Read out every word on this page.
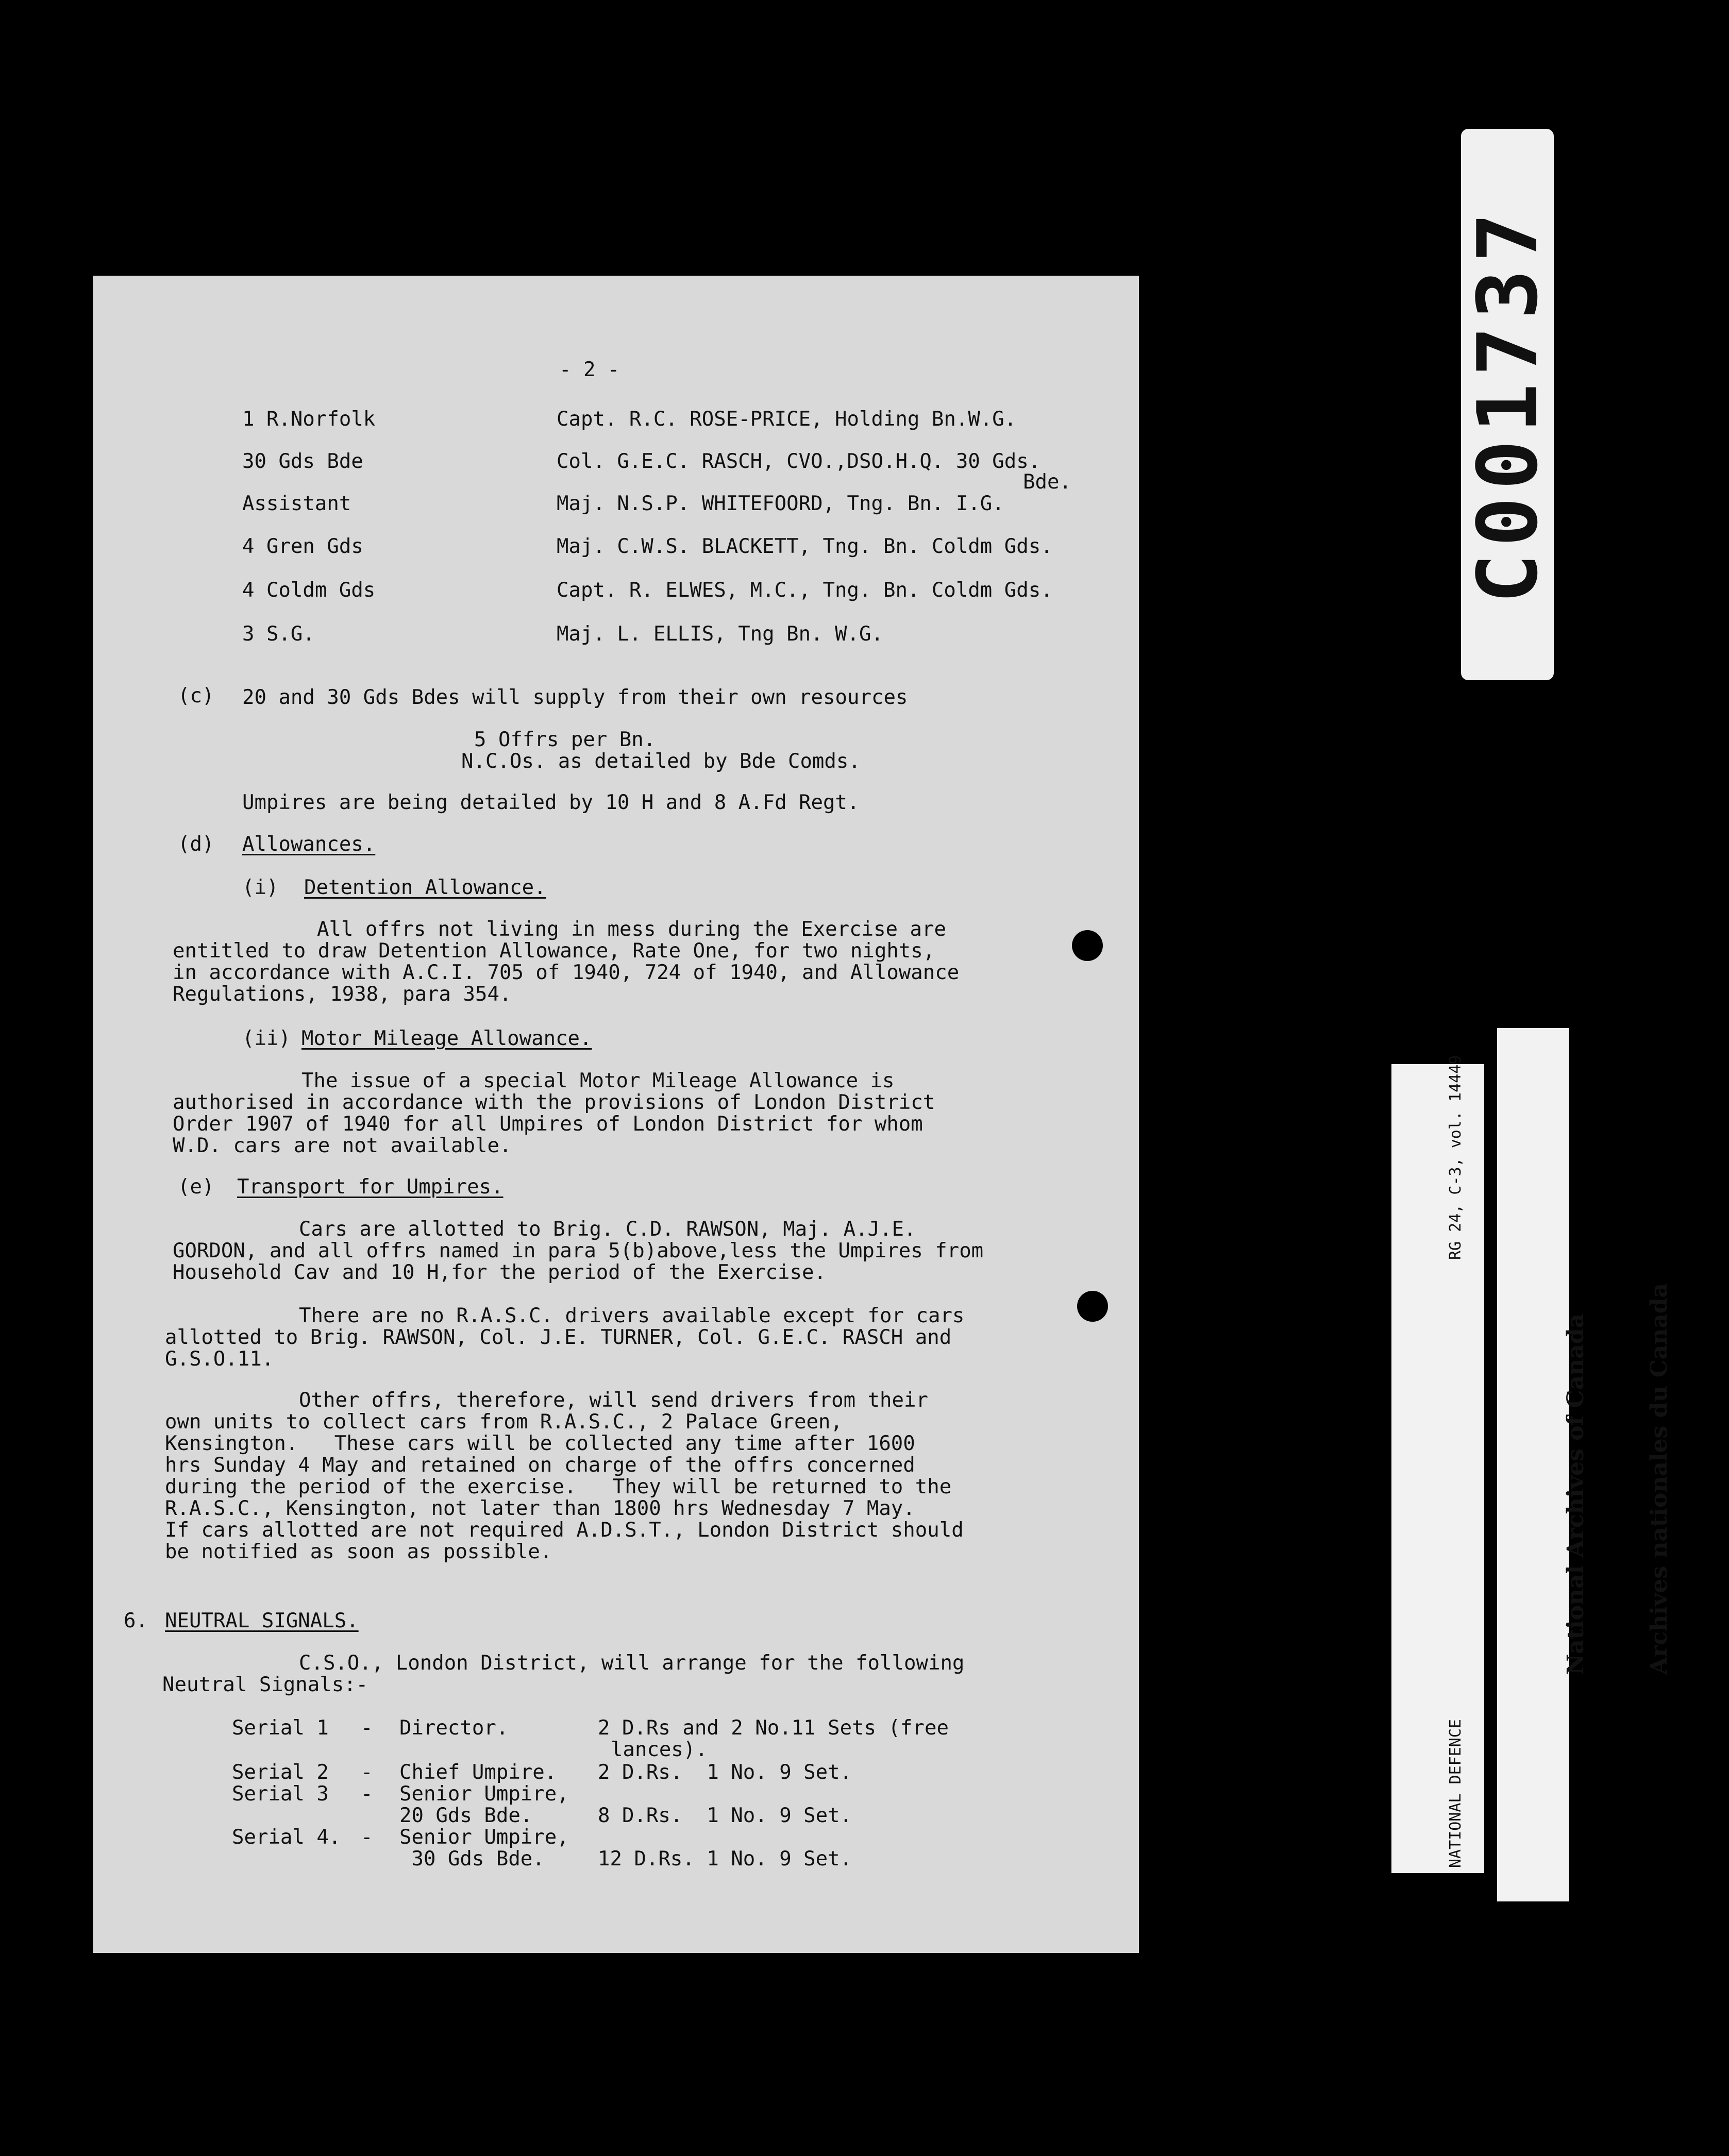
- 2 -
1 R.Norfolk	Capt. R.C. ROSE-PRICE, Holding Bn.W.G.
30 Gds Bde	Col. G.E.C. RASCH, CVO.,DSO.H.Q. 30 Gds.
Bde.
Assistant	Maj. N.S.P. WHITEFOORD, Tng. Bn. I.G.
4 Gren Gds	Maj. C.W.S. BLACKETT, Tng. Bn. Coldm Gds.
4 Coldm Gds	Capt. R. ELWES, M.C., Tng. Bn. Coldm Gds.
3 S.G.	Maj. L. ELLIS, Tng Bn. W.G.
(c) 20 and 30 Gds Bdes will supply from their own resources
5 Offrs per Bn.
N.C.Os. as detailed by Bde Comds.
Umpires are being detailed by 10 H and 8 A.Fd Regt.
(d) Allowances.
(i) Detention Allowance.
All offrs not living in mess during the Exercise are
entitled to draw Detention Allowance, Rate One, for two nights,
in accordance with A.C.I. 705 of 1940, 724 of 1940, and Allowance
Regulations, 1938, para 354.
(ii) Motor Mileage Allowance.
The issue of a special Motor Mileage Allowance is
authorised in accordance with the provisions of London District
Order 1907 of 1940 for all Umpires of London District for whom
W.D. cars are not available.
(e) Transport for Umpires.
Cars are allotted to Brig. C.D. RAWSON, Maj. A.J.E.
GORDON, and all offrs named in para 5(b)above,less the Umpires from
Household Cav and 10 H,for the period of the Exercise.
There are no R.A.S.C. drivers available except for cars
allotted to Brig. RAWSON, Col. J.E. TURNER, Col. G.E.C. RASCH and
G.S.O.11.
Other offrs, therefore, will send drivers from their
own units to collect cars from R.A.S.C., 2 Palace Green,
Kensington.   These cars will be collected any time after 1600
hrs Sunday 4 May and retained on charge of the offrs concerned
during the period of the exercise.   They will be returned to the
R.A.S.C., Kensington, not later than 1800 hrs Wednesday 7 May.
If cars allotted are not required A.D.S.T., London District should
be notified as soon as possible.
6. NEUTRAL SIGNALS.
C.S.O., London District, will arrange for the following
Neutral Signals:-
Serial 1 - Director.	2 D.Rs and 2 No.11 Sets (free
lances).
Serial 2 - Chief Umpire. 2 D.Rs.  1 No. 9 Set.
Serial 3 - Senior Umpire,
20 Gds Bde.	8 D.Rs.  1 No. 9 Set.
Serial 4. - Senior Umpire,
30 Gds Bde.	12 D.Rs. 1 No. 9 Set.
C001737

RG 24, C-3, vol. 14449

NATIONAL DEFENCE

National Archives of Canada

	Archives nationales du Canada
